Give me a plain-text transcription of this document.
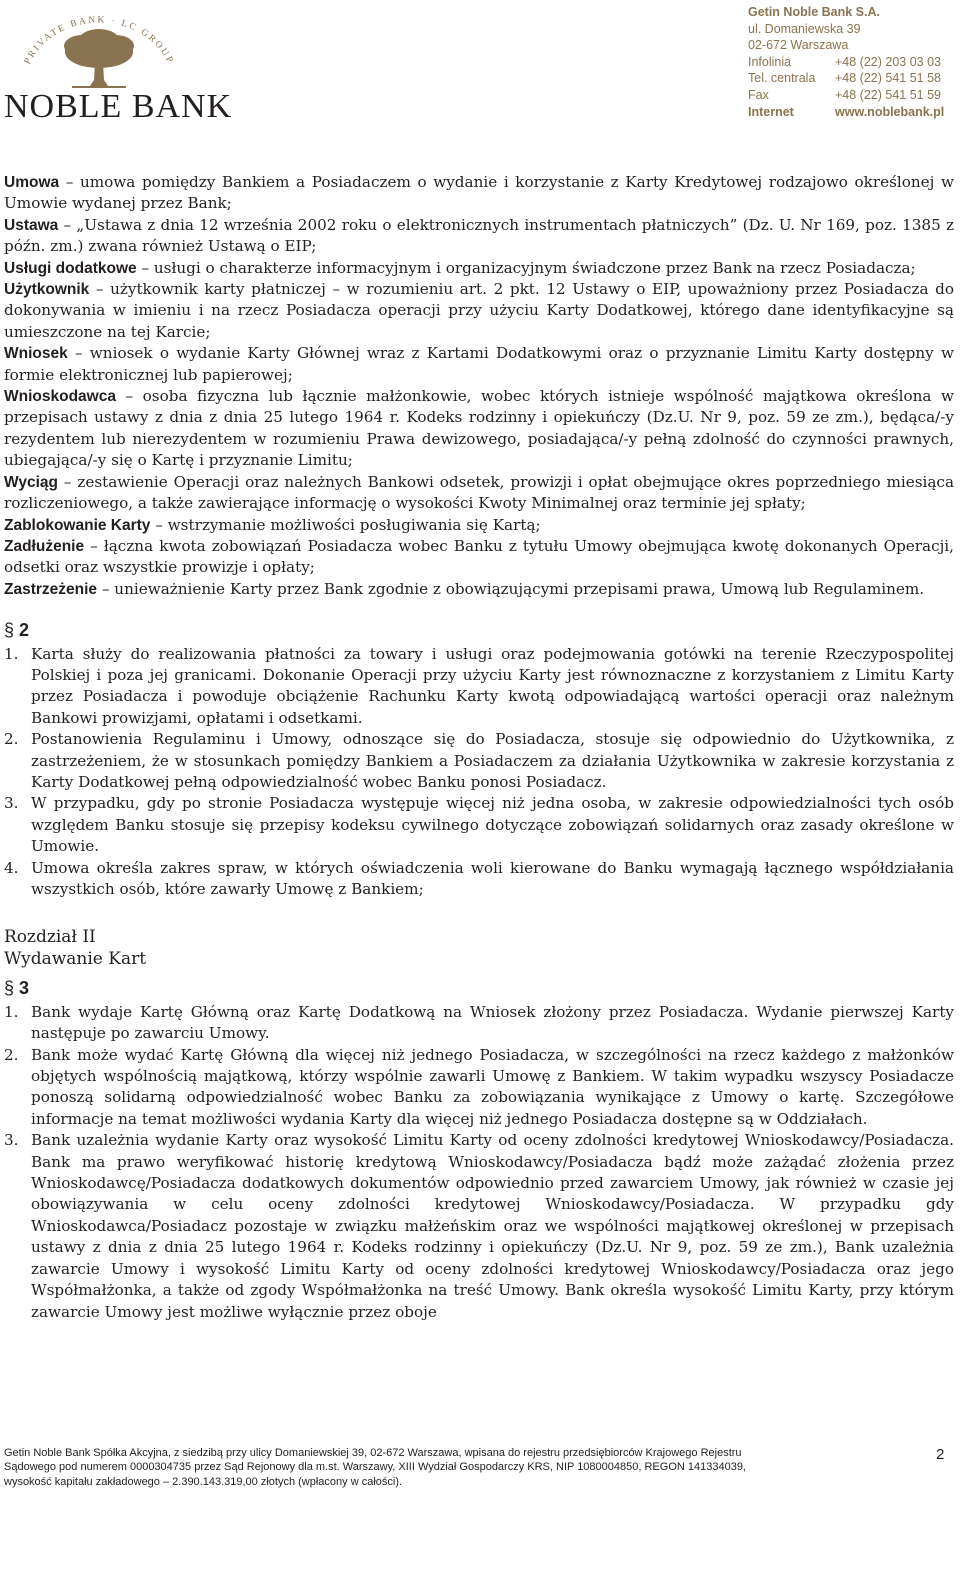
PRIVATE BANK · LC GROUP
NOBLE BANK
Getin Noble Bank S.A.
ul. Domaniewska 39
02-672 Warszawa
Infolinia	+48 (22) 203 03 03
Tel. centrala	+48 (22) 541 51 58
Fax	+48 (22) 541 51 59
Internet	www.noblebank.pl

Umowa – umowa pomiędzy Bankiem a Posiadaczem o wydanie i korzystanie z Karty Kredytowej rodzajowo określonej w Umowie wydanej przez Bank;

Ustawa – „Ustawa z dnia 12 września 2002 roku o elektronicznych instrumentach płatniczych” (Dz. U. Nr 169, poz. 1385 z późn. zm.) zwana również Ustawą o EIP;

Usługi dodatkowe – usługi o charakterze informacyjnym i organizacyjnym świadczone przez Bank na rzecz Posiadacza;

Użytkownik – użytkownik karty płatniczej – w rozumieniu art. 2 pkt. 12 Ustawy o EIP, upoważniony przez Posiadacza do dokonywania w imieniu i na rzecz Posiadacza operacji przy użyciu Karty Dodatkowej, którego dane identyfikacyjne są umieszczone na tej Karcie;

Wniosek – wniosek o wydanie Karty Głównej wraz z Kartami Dodatkowymi oraz o przyznanie Limitu Karty dostępny w formie elektronicznej lub papierowej;

Wnioskodawca – osoba fizyczna lub łącznie małżonkowie, wobec których istnieje wspólność majątkowa określona w przepisach ustawy z dnia z dnia 25 lutego 1964 r. Kodeks rodzinny i opiekuńczy (Dz.U. Nr 9, poz. 59 ze zm.), będąca/-y rezydentem lub nierezydentem w rozumieniu Prawa dewizowego, posiadająca/-y pełną zdolność do czynności prawnych, ubiegająca/-y się o Kartę i przyznanie Limitu;

Wyciąg – zestawienie Operacji oraz należnych Bankowi odsetek, prowizji i opłat obejmujące okres poprzedniego miesiąca rozliczeniowego, a także zawierające informację o wysokości Kwoty Minimalnej oraz terminie jej spłaty;

Zablokowanie Karty – wstrzymanie możliwości posługiwania się Kartą;

Zadłużenie – łączna kwota zobowiązań Posiadacza wobec Banku z tytułu Umowy obejmująca kwotę dokonanych Operacji, odsetki oraz wszystkie prowizje i opłaty;

Zastrzeżenie – unieważnienie Karty przez Bank zgodnie z obowiązującymi przepisami prawa, Umową lub Regulaminem.

§ 2
1. Karta służy do realizowania płatności za towary i usługi oraz podejmowania gotówki na terenie Rzeczypospolitej Polskiej i poza jej granicami. Dokonanie Operacji przy użyciu Karty jest równoznaczne z korzystaniem z Limitu Karty przez Posiadacza i powoduje obciążenie Rachunku Karty kwotą odpowiadającą wartości operacji oraz należnym Bankowi prowizjami, opłatami i odsetkami.
2. Postanowienia Regulaminu i Umowy, odnoszące się do Posiadacza, stosuje się odpowiednio do Użytkownika, z zastrzeżeniem, że w stosunkach pomiędzy Bankiem a Posiadaczem za działania Użytkownika w zakresie korzystania z Karty Dodatkowej pełną odpowiedzialność wobec Banku ponosi Posiadacz.
3. W przypadku, gdy po stronie Posiadacza występuje więcej niż jedna osoba, w zakresie odpowiedzialności tych osób względem Banku stosuje się przepisy kodeksu cywilnego dotyczące zobowiązań solidarnych oraz zasady określone w Umowie.
4. Umowa określa zakres spraw, w których oświadczenia woli kierowane do Banku wymagają łącznego współdziałania wszystkich osób, które zawarły Umowę z Bankiem;
Rozdział II
Wydawanie Kart
§ 3
1. Bank wydaje Kartę Główną oraz Kartę Dodatkową na Wniosek złożony przez Posiadacza. Wydanie pierwszej Karty następuje po zawarciu Umowy.
2. Bank może wydać Kartę Główną dla więcej niż jednego Posiadacza, w szczególności na rzecz każdego z małżonków objętych wspólnością majątkową, którzy wspólnie zawarli Umowę z Bankiem. W takim wypadku wszyscy Posiadacze ponoszą solidarną odpowiedzialność wobec Banku za zobowiązania wynikające z Umowy o kartę. Szczegółowe informacje na temat możliwości wydania Karty dla więcej niż jednego Posiadacza dostępne są w Oddziałach.
3. Bank uzależnia wydanie Karty oraz wysokość Limitu Karty od oceny zdolności kredytowej Wnioskodawcy/Posiadacza. Bank ma prawo weryfikować historię kredytową Wnioskodawcy/Posiadacza bądź może zażądać złożenia przez Wnioskodawcę/Posiadacza dodatkowych dokumentów odpowiednio przed zawarciem Umowy, jak również w czasie jej obowiązywania w celu oceny zdolności kredytowej Wnioskodawcy/Posiadacza. W przypadku gdy Wnioskodawca/Posiadacz pozostaje w związku małżeńskim oraz we wspólności majątkowej określonej w przepisach ustawy z dnia z dnia 25 lutego 1964 r. Kodeks rodzinny i opiekuńczy (Dz.U. Nr 9, poz. 59 ze zm.), Bank uzależnia zawarcie Umowy i wysokość Limitu Karty od oceny zdolności kredytowej Wnioskodawcy/Posiadacza oraz jego Współmałżonka, a także od zgody Współmałżonka na treść Umowy. Bank określa wysokość Limitu Karty, przy którym zawarcie Umowy jest możliwe wyłącznie przez oboje
Getin Noble Bank Spółka Akcyjna, z siedzibą przy ulicy Domaniewskiej 39, 02-672 Warszawa, wpisana do rejestru przedsiębiorców Krajowego Rejestru
Sądowego pod numerem 0000304735 przez Sąd Rejonowy dla m.st. Warszawy, XIII Wydział Gospodarczy KRS, NIP 1080004850, REGON 141334039,
wysokość kapitału zakładowego – 2.390.143.319,00 złotych (wpłacony w całości).
2
